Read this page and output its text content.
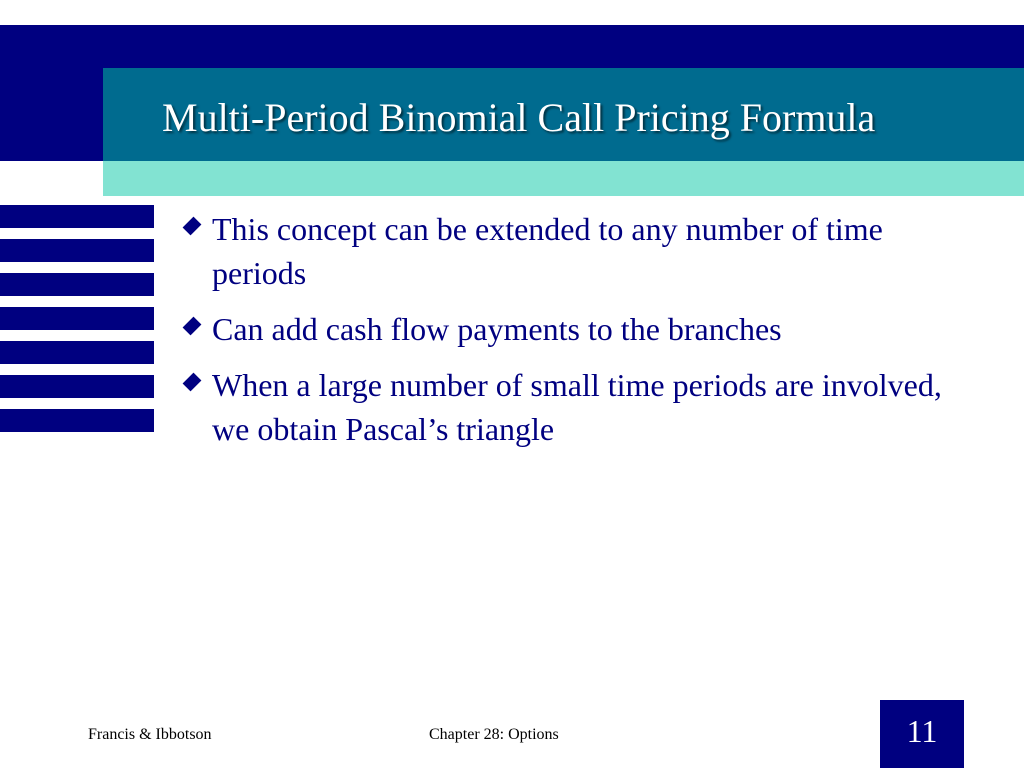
Multi-Period Binomial Call Pricing Formula
This concept can be extended to any number of time periods
Can add cash flow payments to the branches
When a large number of small time periods are involved, we obtain Pascal’s triangle
Francis & Ibbotson	Chapter 28: Options	11
